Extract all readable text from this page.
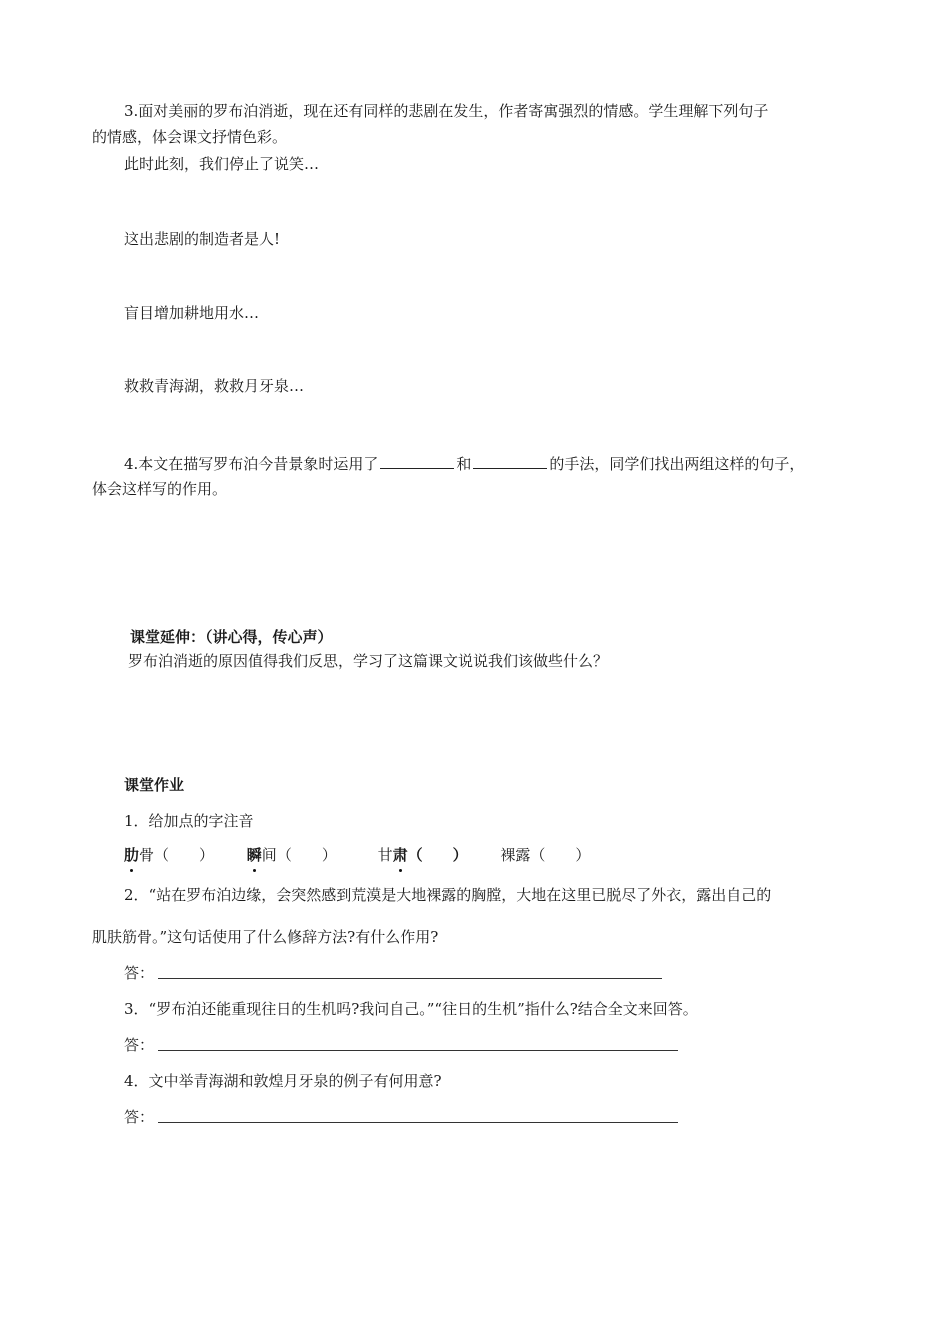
3.面对美丽的罗布泊消逝，现在还有同样的悲剧在发生，作者寄寓强烈的情感。学生理解下列句子
的情感，体会课文抒情色彩。
此时此刻，我们停止了说笑…
这出悲剧的制造者是人!
盲目增加耕地用水…
救救青海湖，救救月牙泉…
4.本文在描写罗布泊今昔景象时运用了	和	的手法，同学们找出两组这样的句子，
体会这样写的作用。
课堂延伸：（讲心得，传心声）
罗布泊消逝的原因值得我们反思，学习了这篇课文说说我们该做些什么？
课堂作业
1．给加点的字注音
肋骨（　　） 瞬间（　　）	甘肃（　　） 裸露（　　）
2．“站在罗布泊边缘，会突然感到荒漠是大地裸露的胸膛，大地在这里已脱尽了外衣，露出自己的
肌肤筋骨。”这句话使用了什么修辞方法?有什么作用?
答：
3．“罗布泊还能重现往日的生机吗?我问自己。”“往日的生机”指什么?结合全文来回答。
答：
4．文中举青海湖和敦煌月牙泉的例子有何用意?
答：
